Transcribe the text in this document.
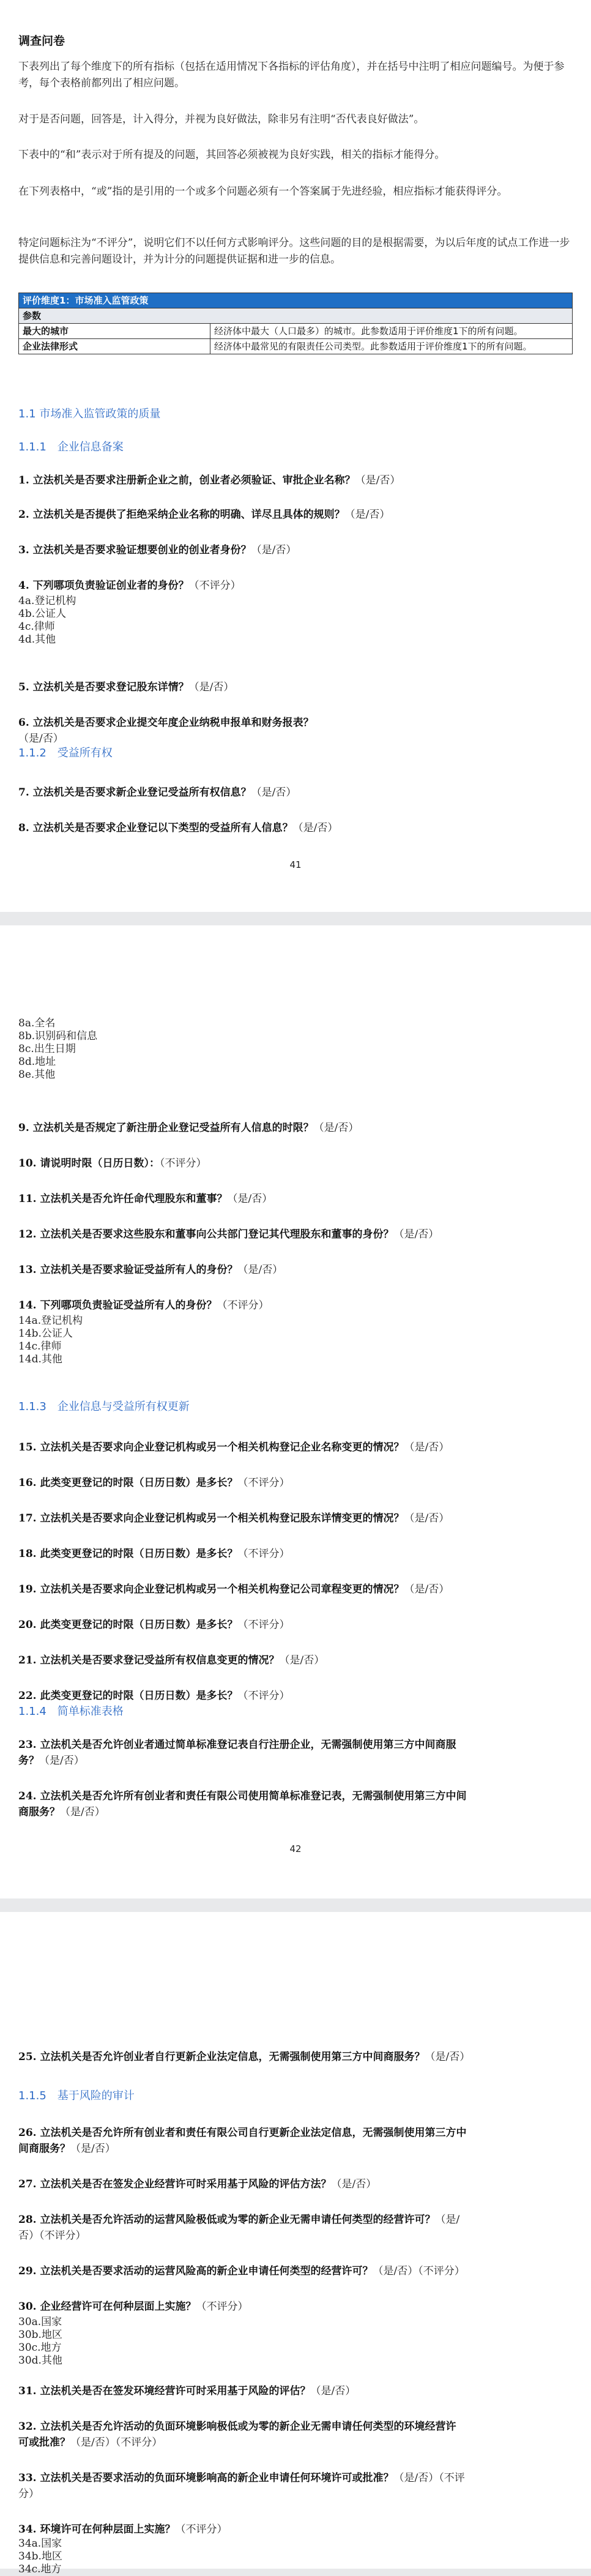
调查问卷
下表列出了每个维度下的所有指标（包括在适用情况下各指标的评估角度），并在括号中注明了相应问题编号。为便于参考，每个表格前都列出了相应问题。
对于是否问题，回答是，计入得分，并视为良好做法，除非另有注明“否代表良好做法”。
下表中的“和”表示对于所有提及的问题，其回答必须被视为良好实践，相关的指标才能得分。
在下列表格中，“或”指的是引用的一个或多个问题必须有一个答案属于先进经验，相应指标才能获得评分。
特定问题标注为“不评分”，说明它们不以任何方式影响评分。这些问题的目的是根据需要，为以后年度的试点工作进一步提供信息和完善问题设计，并为计分的问题提供证据和进一步的信息。
评价维度1：市场准入监管政策	
参数	
最大的城市	经济体中最大（人口最多）的城市。此参数适用于评价维度1下的所有问题。
企业法律形式	经济体中最常见的有限责任公司类型。此参数适用于评价维度1下的所有问题。
1.1 市场准入监管政策的质量
1.1.1　企业信息备案
1. 立法机关是否要求注册新企业之前，创业者必须验证、审批企业名称？（是/否）
2. 立法机关是否提供了拒绝采纳企业名称的明确、详尽且具体的规则？（是/否）
3. 立法机关是否要求验证想要创业的创业者身份？（是/否）
4. 下列哪项负责验证创业者的身份？（不评分）
4a.登记机构
4b.公证人
4c.律师
4d.其他
5. 立法机关是否要求登记股东详情？（是/否）
6. 立法机关是否要求企业提交年度企业纳税申报单和财务报表？
（是/否）
1.1.2　受益所有权
7. 立法机关是否要求新企业登记受益所有权信息？（是/否）
8. 立法机关是否要求企业登记以下类型的受益所有人信息？（是/否）
41
8a.全名
8b.识别码和信息
8c.出生日期
8d.地址
8e.其他
9. 立法机关是否规定了新注册企业登记受益所有人信息的时限？（是/否）
10. 请说明时限（日历日数）：（不评分）
11. 立法机关是否允许任命代理股东和董事？（是/否）
12. 立法机关是否要求这些股东和董事向公共部门登记其代理股东和董事的身份？（是/否）
13. 立法机关是否要求验证受益所有人的身份？（是/否）
14. 下列哪项负责验证受益所有人的身份？（不评分）
14a.登记机构
14b.公证人
14c.律师
14d.其他
1.1.3　企业信息与受益所有权更新
15. 立法机关是否要求向企业登记机构或另一个相关机构登记企业名称变更的情况？（是/否）
16. 此类变更登记的时限（日历日数）是多长？（不评分）
17. 立法机关是否要求向企业登记机构或另一个相关机构登记股东详情变更的情况？（是/否）
18. 此类变更登记的时限（日历日数）是多长？（不评分）
19. 立法机关是否要求向企业登记机构或另一个相关机构登记公司章程变更的情况？（是/否）
20. 此类变更登记的时限（日历日数）是多长？（不评分）
21. 立法机关是否要求登记受益所有权信息变更的情况？（是/否）
22. 此类变更登记的时限（日历日数）是多长？（不评分）
1.1.4　简单标准表格
23. 立法机关是否允许创业者通过简单标准登记表自行注册企业，无需强制使用第三方中间商服
务？（是/否）
24. 立法机关是否允许所有创业者和责任有限公司使用简单标准登记表，无需强制使用第三方中间
商服务？（是/否）
42
25. 立法机关是否允许创业者自行更新企业法定信息，无需强制使用第三方中间商服务？（是/否）
1.1.5　基于风险的审计
26. 立法机关是否允许所有创业者和责任有限公司自行更新企业法定信息，无需强制使用第三方中
间商服务？（是/否）
27. 立法机关是否在签发企业经营许可时采用基于风险的评估方法？（是/否）
28. 立法机关是否允许活动的运营风险极低或为零的新企业无需申请任何类型的经营许可？（是/
否）（不评分）
29. 立法机关是否要求活动的运营风险高的新企业申请任何类型的经营许可？（是/否）（不评分）
30. 企业经营许可在何种层面上实施？（不评分）
30a.国家
30b.地区
30c.地方
30d.其他
31. 立法机关是否在签发环境经营许可时采用基于风险的评估？（是/否）
32. 立法机关是否允许活动的负面环境影响极低或为零的新企业无需申请任何类型的环境经营许
可或批准？（是/否）（不评分）
33. 立法机关是否要求活动的负面环境影响高的新企业申请任何环境许可或批准？（是/否）（不评
分）
34. 环境许可在何种层面上实施？（不评分）
34a.国家
34b.地区
34c.地方
